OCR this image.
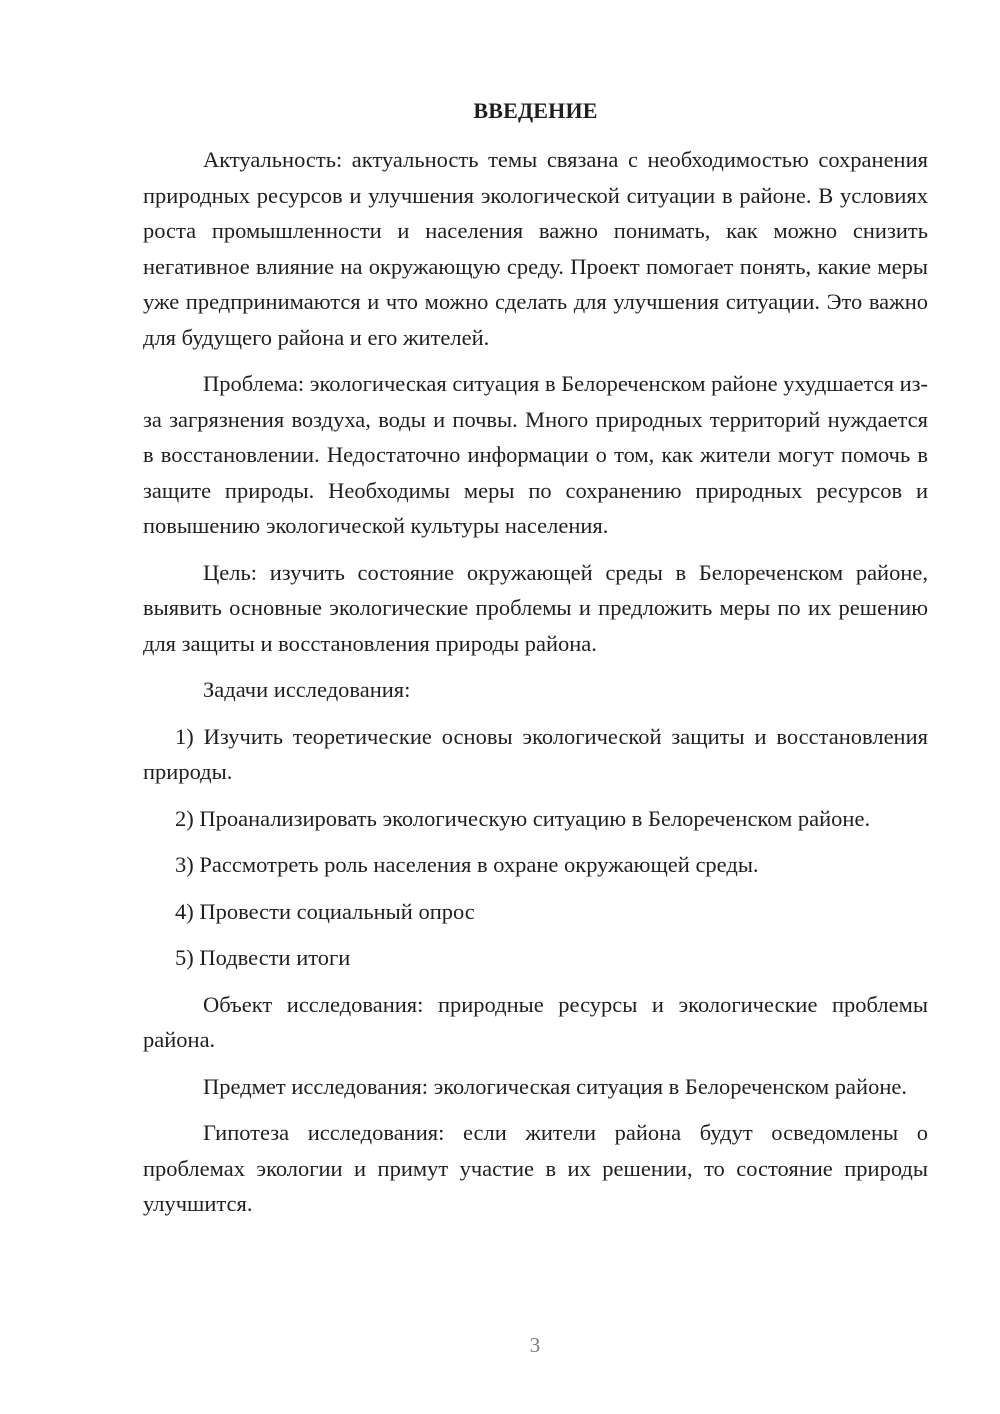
ВВЕДЕНИЕ

Актуальность: актуальность темы связана с необходимостью сохранения природных ресурсов и улучшения экологической ситуации в районе. В условиях роста промышленности и населения важно понимать, как можно снизить негативное влияние на окружающую среду. Проект помогает понять, какие меры уже предпринимаются и что можно сделать для улучшения ситуации. Это важно для будущего района и его жителей.

Проблема: экологическая ситуация в Белореченском районе ухудшается из-за загрязнения воздуха, воды и почвы. Много природных территорий нуждается в восстановлении. Недостаточно информации о том, как жители могут помочь в защите природы. Необходимы меры по сохранению природных ресурсов и повышению экологической культуры населения.

Цель: изучить состояние окружающей среды в Белореченском районе, выявить основные экологические проблемы и предложить меры по их решению для защиты и восстановления природы района.

Задачи исследования:

1) Изучить теоретические основы экологической защиты и восстановления природы.

2) Проанализировать экологическую ситуацию в Белореченском районе.

3) Рассмотреть роль населения в охране окружающей среды.

4) Провести социальный опрос

5) Подвести итоги

Объект исследования: природные ресурсы и экологические проблемы района.

Предмет исследования: экологическая ситуация в Белореченском районе.

Гипотеза исследования: если жители района будут осведомлены о проблемах экологии и примут участие в их решении, то состояние природы улучшится.

3
